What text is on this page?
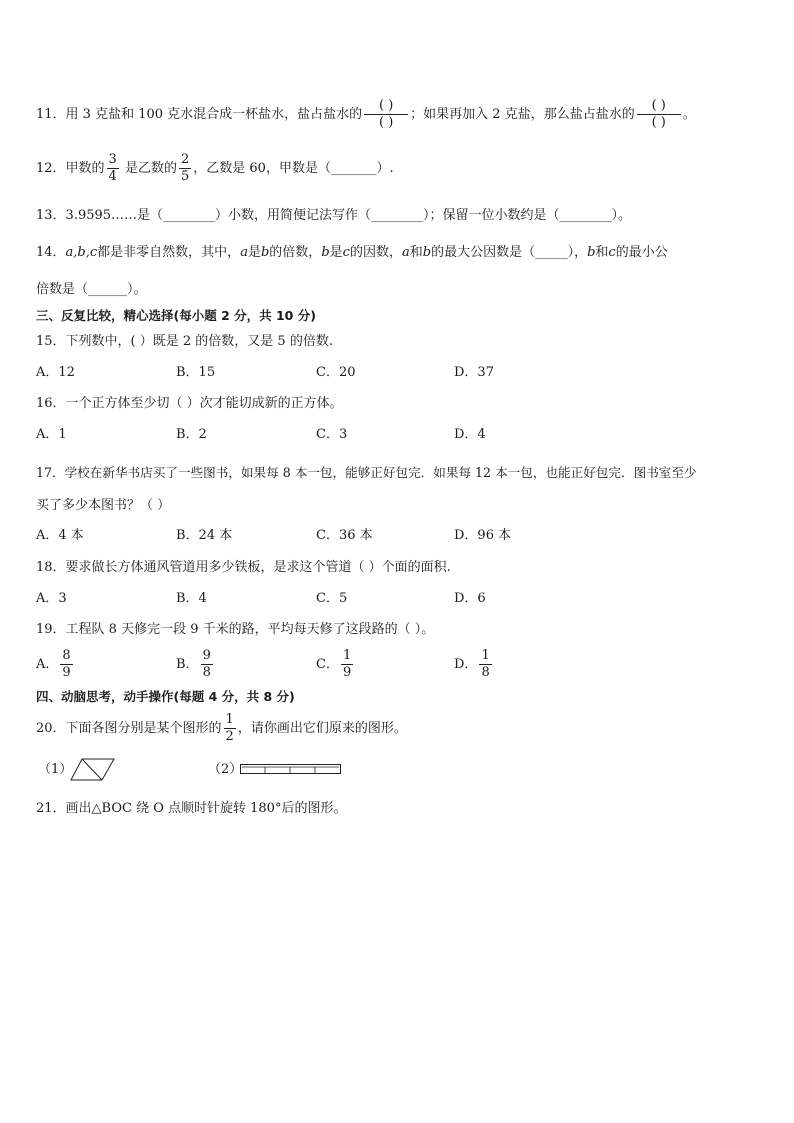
11．用 3 克盐和 100 克水混合成一杯盐水，盐占盐水的 $\frac{( )}{( )}$ ；如果再加入 2 克盐，那么盐占盐水的 $\frac{( )}{( )}$ 。
12．甲数的 $\frac{3}{4}$ 是乙数的 $\frac{2}{5}$ ，乙数是 60，甲数是（_______）.
13．3.9595……是（________）小数，用简便记法写作（________）；保留一位小数约是（________）。
14．a,b,c都是非零自然数，其中，a是b的倍数，b是c的因数，a和b的最大公因数是（_____），b和c的最小公
倍数是（______）。
三、反复比较，精心选择(每小题 2 分，共 10 分)
15．下列数中，( ）既是 2 的倍数，又是 5 的倍数.
A．12	B．15	C．20	D．37
16．一个正方体至少切（ ）次才能切成新的正方体。
A．1	B．2	C．3	D．4
17．学校在新华书店买了一些图书，如果每 8 本一包，能够正好包完．如果每 12 本一包，也能正好包完．图书室至少
买了多少本图书？（ ）
A．4 本	B．24 本	C．36 本	D．96 本
18．要求做长方体通风管道用多少铁板，是求这个管道（ ）个面的面积.
A．3	B．4	C．5	D．6
19．工程队 8 天修完一段 9 千米的路，平均每天修了这段路的（ ）。
A． $\frac{8}{9}$	B． $\frac{9}{8}$	C． $\frac{1}{9}$	D． $\frac{1}{8}$
四、动脑思考，动手操作(每题 4 分，共 8 分)
20．下面各图分别是某个图形的 $\frac{1}{2}$ ，请你画出它们原来的图形。
（1）	（2）
21．画出△BOC 绕 O 点顺时针旋转 180°后的图形。
